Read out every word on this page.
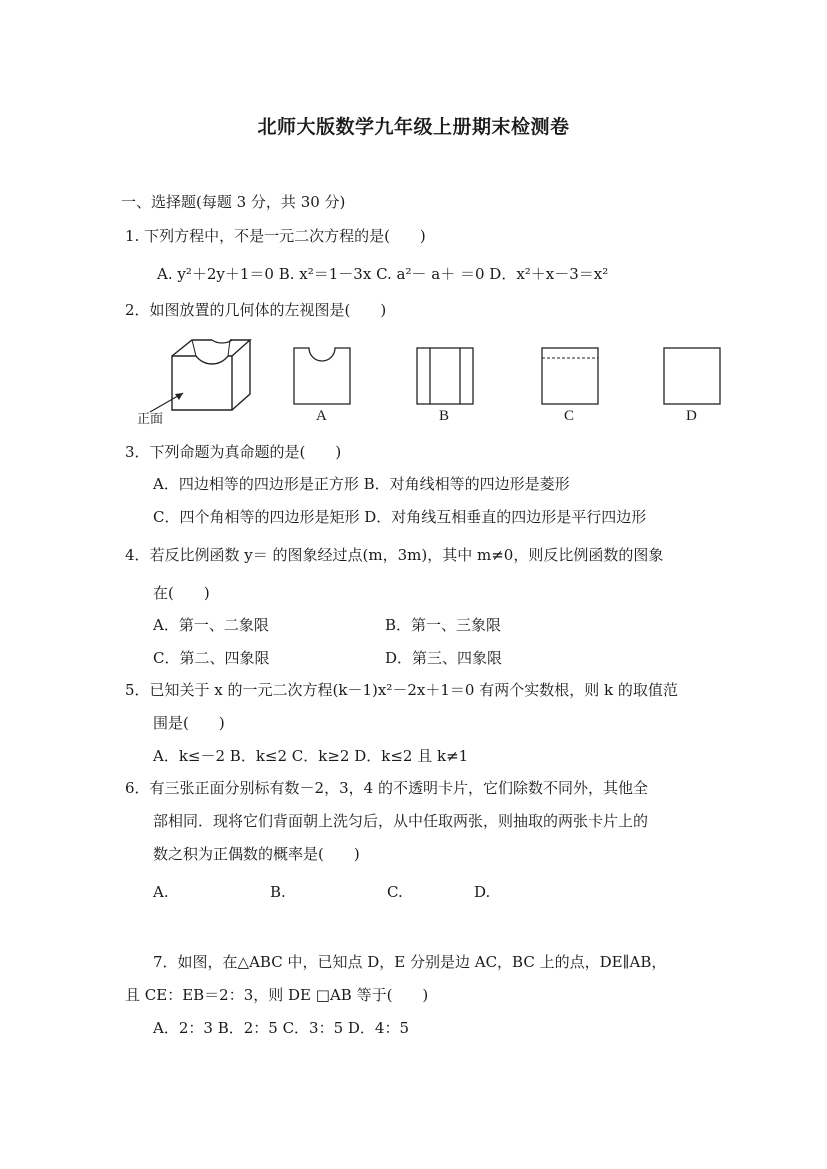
北师大版数学九年级上册期末检测卷
一、选择题(每题 3 分，共 30 分)
1. 下列方程中，不是一元二次方程的是(　　)
A. y²＋2y＋1＝0 B. x²＝1－3x C. a²－ a＋ ＝0 D．x²＋x－3＝x²
2．如图放置的几何体的左视图是(　　)
正面	A	B	C	D
3．下列命题为真命题的是(　　)
A．四边相等的四边形是正方形 B．对角线相等的四边形是菱形
C．四个角相等的四边形是矩形 D．对角线互相垂直的四边形是平行四边形
4．若反比例函数 y＝ 的图象经过点(m，3m)，其中 m≠0，则反比例函数的图象
在(　　)
A．第一、二象限	B．第一、三象限
C．第二、四象限	D．第三、四象限
5．已知关于 x 的一元二次方程(k－1)x²－2x＋1＝0 有两个实数根，则 k 的取值范
围是(　　)
A．k≤－2 B．k≤2 C．k≥2 D．k≤2 且 k≠1
6．有三张正面分别标有数－2，3，4 的不透明卡片，它们除数不同外，其他全
部相同．现将它们背面朝上洗匀后，从中任取两张，则抽取的两张卡片上的
数之积为正偶数的概率是(　　)
A.	B.	C.	D.
7．如图，在△ABC 中，已知点 D，E 分别是边 AC，BC 上的点，DE∥AB，
且 CE：EB＝2：3，则 DE □AB 等于(　　)
A．2：3 B．2：5 C．3：5 D．4：5
